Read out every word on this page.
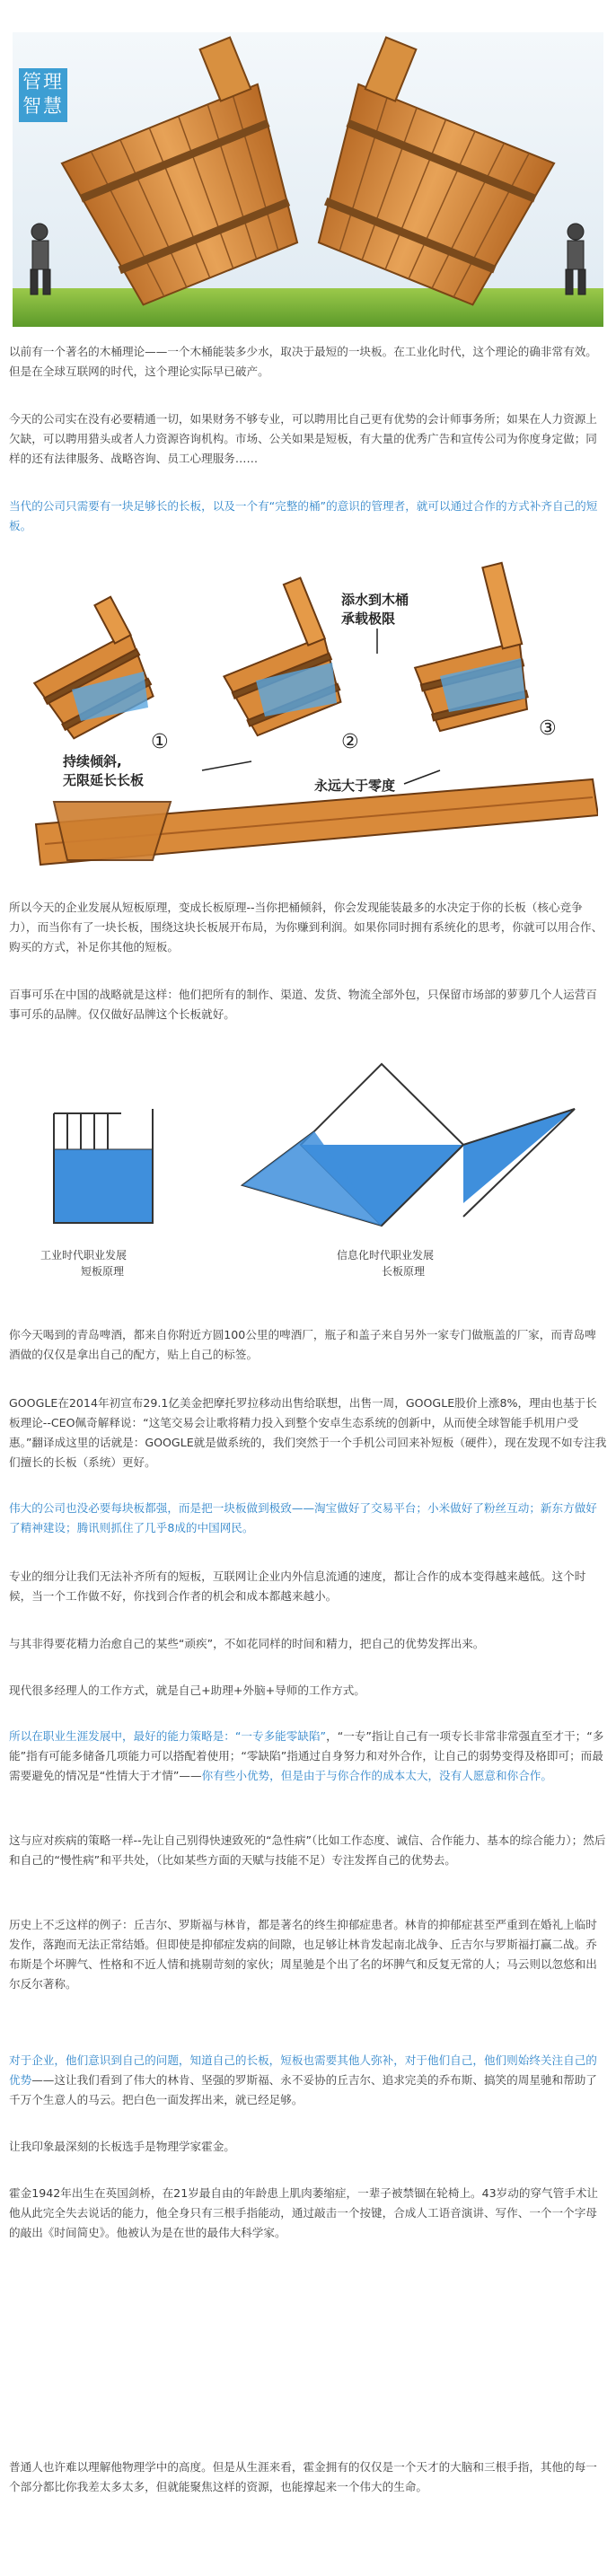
管理
智慧

以前有一个著名的木桶理论——一个木桶能装多少水，取决于最短的一块板。在工业化时代，这个理论的确非常有效。但是在全球互联网的时代，这个理论实际早已破产。

今天的公司实在没有必要精通一切，如果财务不够专业，可以聘用比自己更有优势的会计师事务所；如果在人力资源上欠缺，可以聘用猎头或者人力资源咨询机构。市场、公关如果是短板，有大量的优秀广告和宣传公司为你度身定做；同样的还有法律服务、战略咨询、员工心理服务……

当代的公司只需要有一块足够长的长板，以及一个有“完整的桶”的意识的管理者，就可以通过合作的方式补齐自己的短板。

①	②
③
添水到木桶
承载极限
持续倾斜,
无限延长长板	永远大于零度

所以今天的企业发展从短板原理，变成长板原理--当你把桶倾斜，你会发现能装最多的水决定于你的长板（核心竞争力），而当你有了一块长板，围绕这块长板展开布局，为你赚到利润。如果你同时拥有系统化的思考，你就可以用合作、购买的方式，补足你其他的短板。

百事可乐在中国的战略就是这样：他们把所有的制作、渠道、发货、物流全部外包，只保留市场部的萝萝几个人运营百事可乐的品牌。仅仅做好品牌这个长板就好。

工业时代职业发展
短板原理
信息化时代职业发展
长板原理

你今天喝到的青岛啤酒，都来自你附近方圆100公里的啤酒厂，瓶子和盖子来自另外一家专门做瓶盖的厂家，而青岛啤酒做的仅仅是拿出自己的配方，贴上自己的标签。

GOOGLE在2014年初宣布29.1亿美金把摩托罗拉移动出售给联想，出售一周，GOOGLE股价上涨8%，理由也基于长板理论--CEO佩奇解释说：“这笔交易会让歌将精力投入到整个安卓生态系统的创新中，从而使全球智能手机用户受惠。”翻译成这里的话就是：GOOGLE就是做系统的，我们突然于一个手机公司回来补短板（硬件），现在发现不如专注我们擅长的长板（系统）更好。

伟大的公司也没必要每块板都强，而是把一块板做到极致——淘宝做好了交易平台；小米做好了粉丝互动；新东方做好了精神建设；腾讯则抓住了几乎8成的中国网民。

专业的细分让我们无法补齐所有的短板，互联网让企业内外信息流通的速度，都让合作的成本变得越来越低。这个时候，当一个工作做不好，你找到合作者的机会和成本都越来越小。

与其非得要花精力治愈自己的某些“顽疾”，不如花同样的时间和精力，把自己的优势发挥出来。

现代很多经理人的工作方式，就是自己+助理+外脑+导师的工作方式。

所以在职业生涯发展中，最好的能力策略是：“一专多能零缺陷”，“一专”指让自己有一项专长非常非常强直至才干；“多能”指有可能多储备几项能力可以搭配着使用；“零缺陷”指通过自身努力和对外合作，让自己的弱势变得及格即可；而最需要避免的情况是“性情大于才情”——你有些小优势，但是由于与你合作的成本太大，没有人愿意和你合作。

这与应对疾病的策略一样--先让自己别得快速致死的“急性病”（比如工作态度、诚信、合作能力、基本的综合能力）；然后和自己的“慢性病”和平共处，（比如某些方面的天赋与技能不足）专注发挥自己的优势去。

历史上不乏这样的例子：丘吉尔、罗斯福与林肯，都是著名的终生抑郁症患者。林肯的抑郁症甚至严重到在婚礼上临时发作，落跑而无法正常结婚。但即使是抑郁症发病的间隙，也足够让林肯发起南北战争、丘吉尔与罗斯福打赢二战。乔布斯是个坏脾气、性格和不近人情和挑剔苛刻的家伙；周星驰是个出了名的坏脾气和反复无常的人；马云则以忽悠和出尔反尔著称。

对于企业，他们意识到自己的问题，知道自己的长板，短板也需要其他人弥补，对于他们自己，他们则始终关注自己的优势——这让我们看到了伟大的林肯、坚强的罗斯福、永不妥协的丘吉尔、追求完美的乔布斯、搞笑的周星驰和帮助了千万个生意人的马云。把白色一面发挥出来，就已经足够。

让我印象最深刻的长板选手是物理学家霍金。

霍金1942年出生在英国剑桥，在21岁最自由的年龄患上肌肉萎缩症，一辈子被禁锢在轮椅上。43岁动的穿气管手术让他从此完全失去说话的能力，他全身只有三根手指能动，通过敲击一个按键，合成人工语音演讲、写作、一个一个字母的敲出《时间简史》。他被认为是在世的最伟大科学家。

普通人也许难以理解他物理学中的高度。但是从生涯来看，霍金拥有的仅仅是一个天才的大脑和三根手指，其他的每一个部分都比你我差太多太多，但就能聚焦这样的资源，也能撑起来一个伟大的生命。
